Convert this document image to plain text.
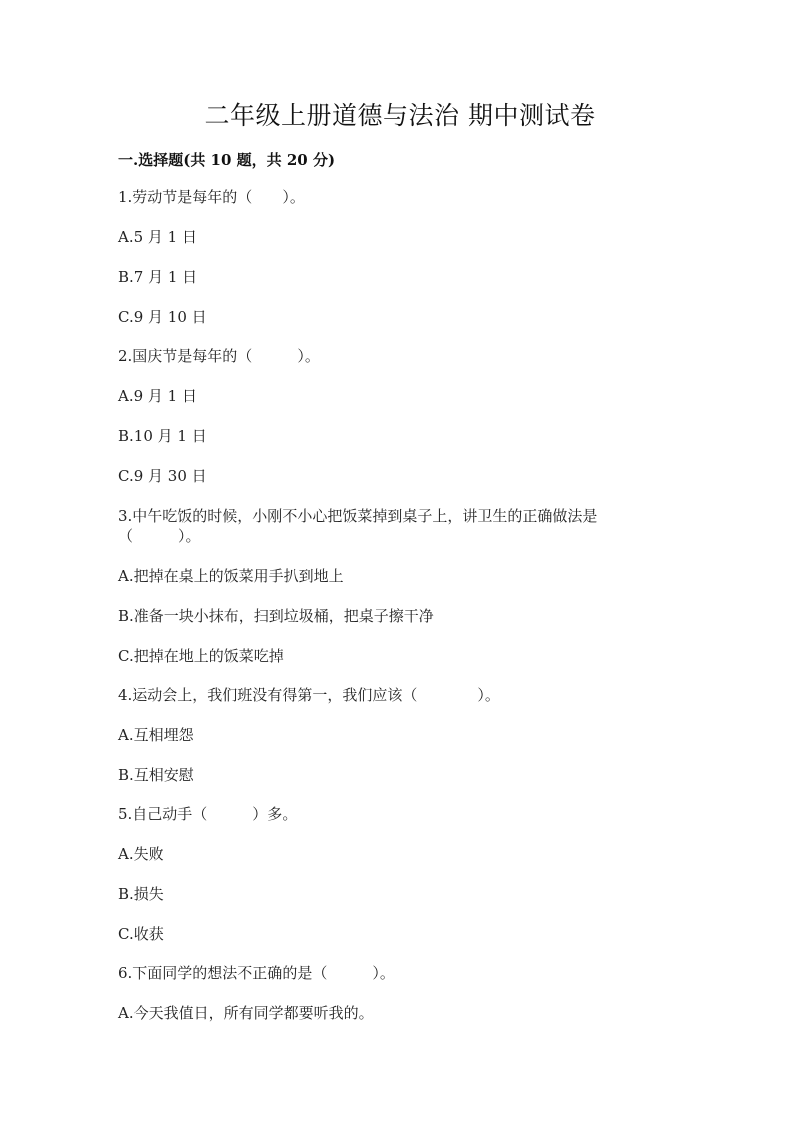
二年级上册道德与法治 期中测试卷
一.选择题(共 10 题，共 20 分)
1.劳动节是每年的（　　）。
A.5 月 1 日
B.7 月 1 日
C.9 月 10 日
2.国庆节是每年的（　　　）。
A.9 月 1 日
B.10 月 1 日
C.9 月 30 日
3.中午吃饭的时候，小刚不小心把饭菜掉到桌子上，讲卫生的正确做法是（　　　）。
A.把掉在桌上的饭菜用手扒到地上
B.准备一块小抹布，扫到垃圾桶，把桌子擦干净
C.把掉在地上的饭菜吃掉
4.运动会上，我们班没有得第一，我们应该（　　　　）。
A.互相埋怨
B.互相安慰
5.自己动手（　　　）多。
A.失败
B.损失
C.收获
6.下面同学的想法不正确的是（　　　）。
A.今天我值日，所有同学都要听我的。
